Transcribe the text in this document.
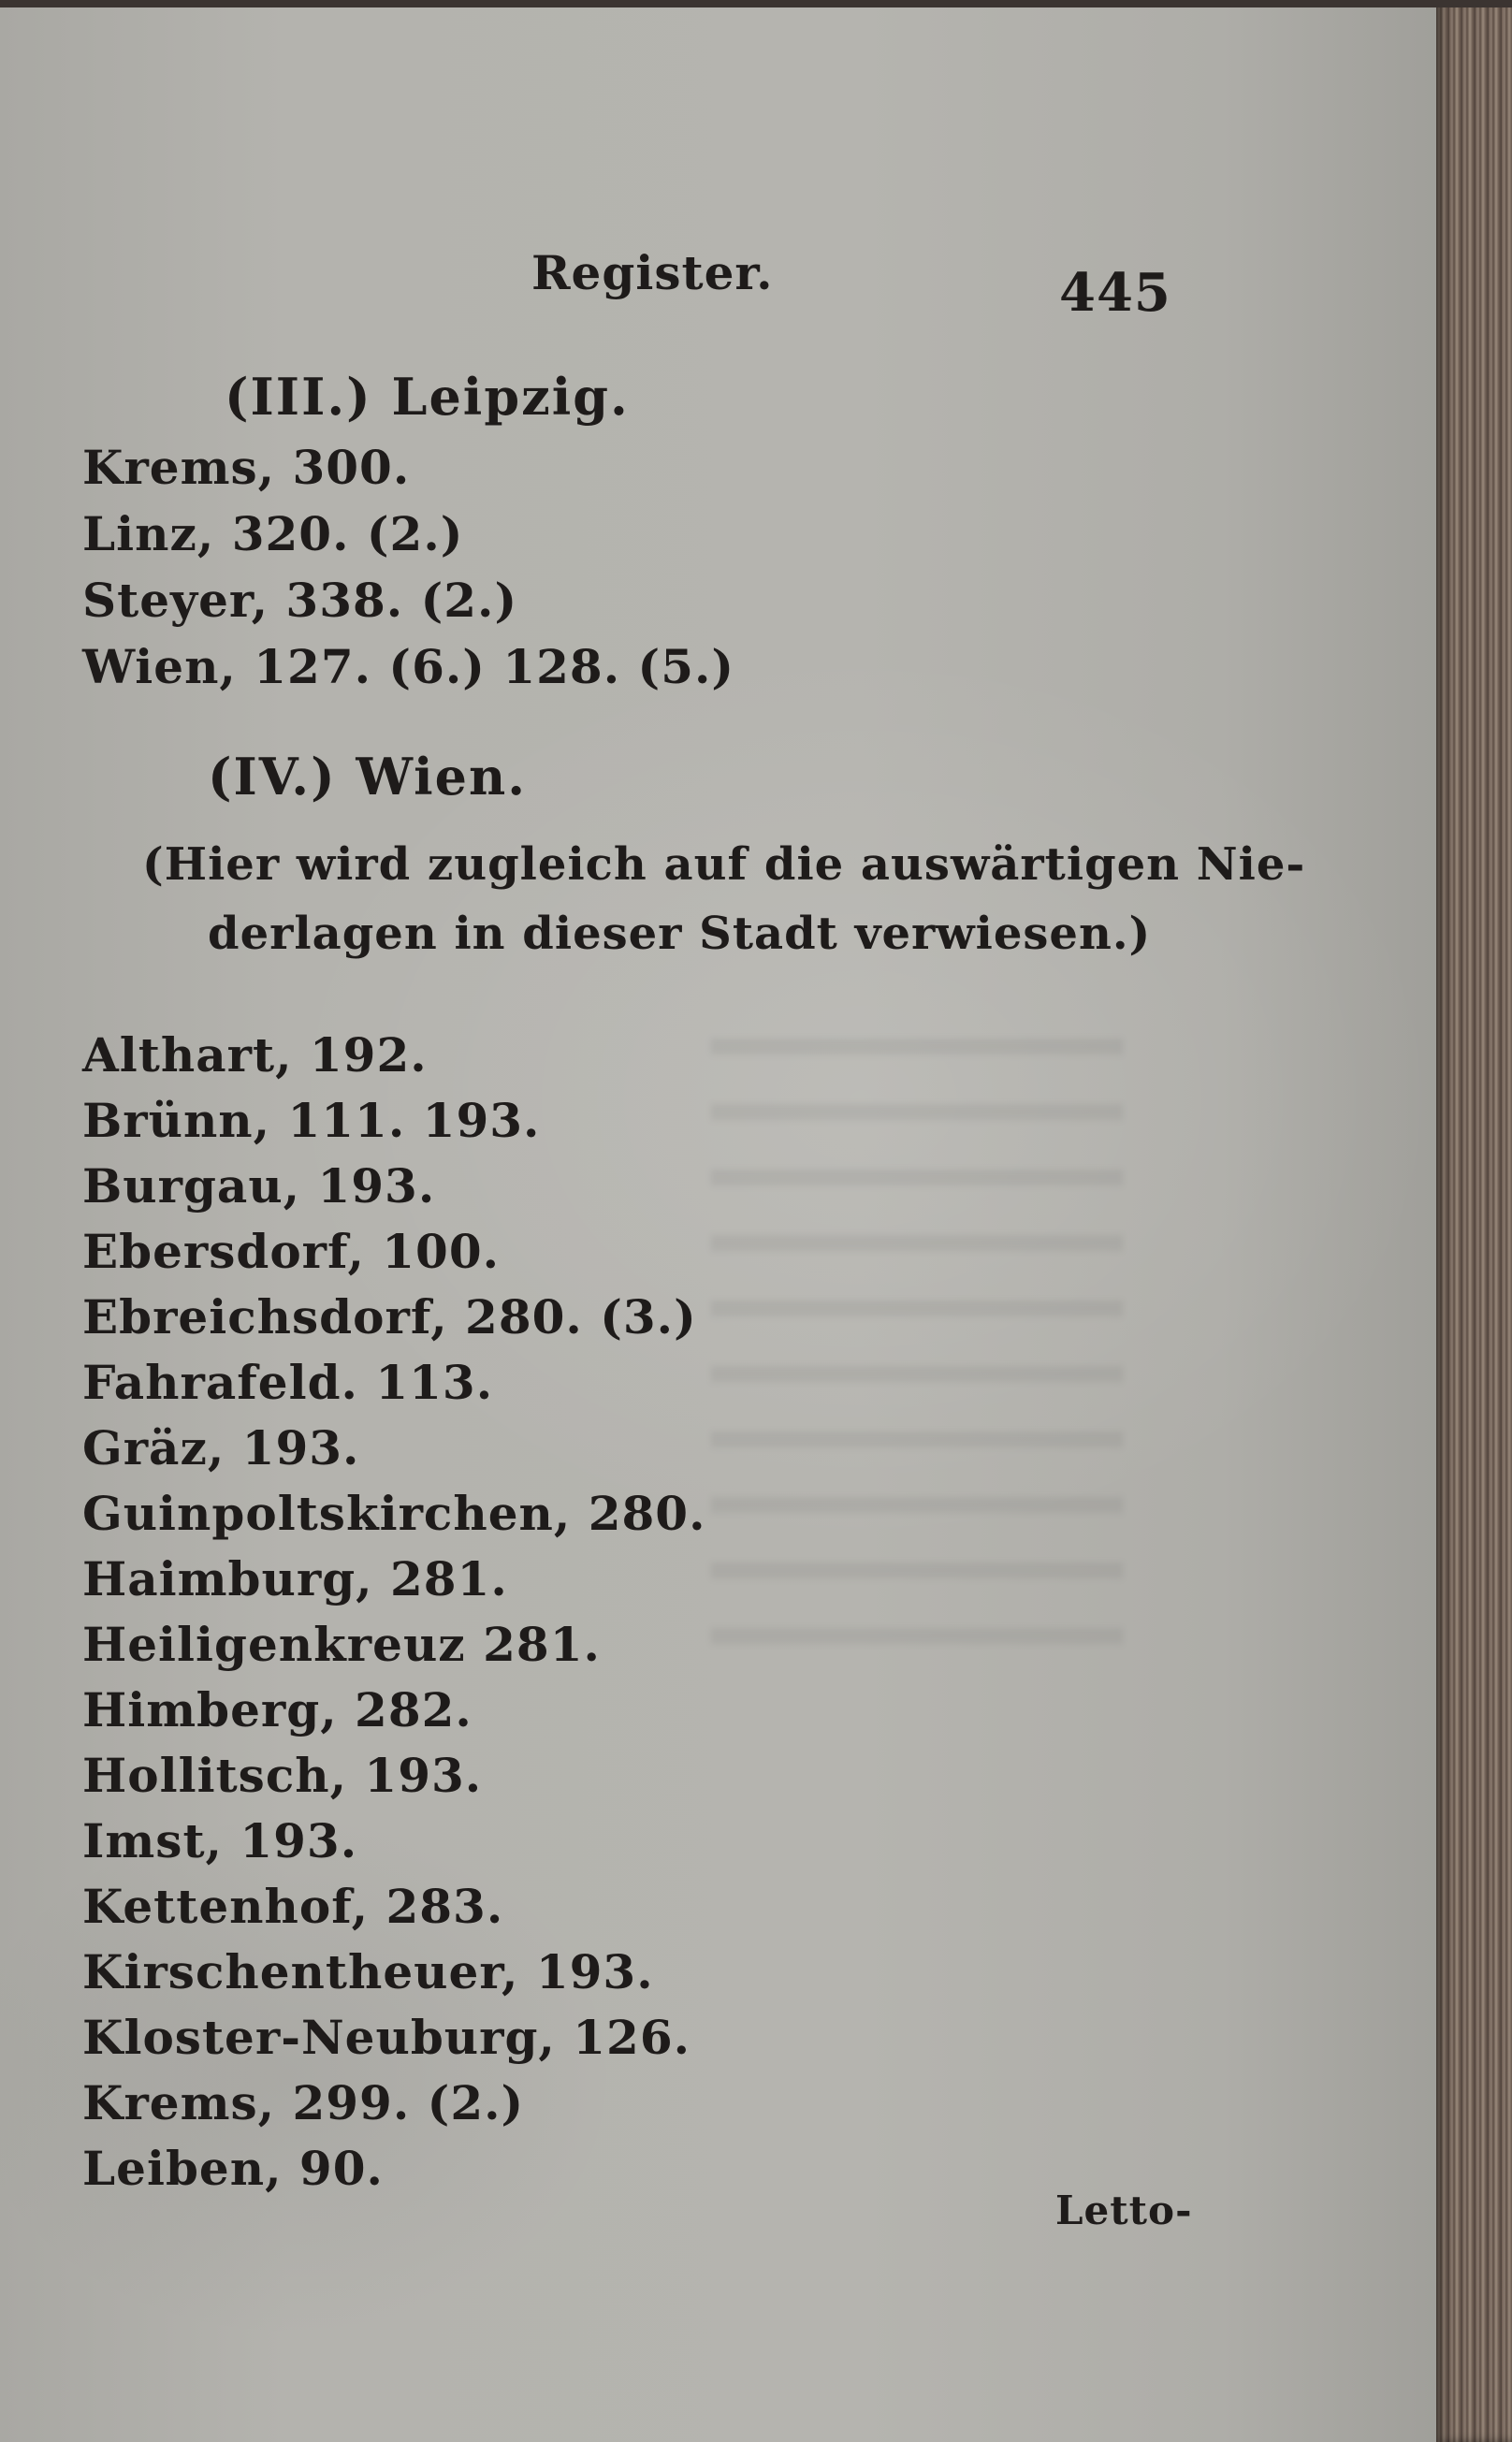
Register.	445
(III.) Leipzig.
Krems, 300.
Linz, 320. (2.)
Steyer, 338. (2.)
Wien, 127. (6.) 128. (5.)
(IV.) Wien.
(Hier wird zugleich auf die auswärtigen Nie-
derlagen in dieser Stadt verwiesen.)
Althart, 192.
Brünn, 111. 193.
Burgau, 193.
Ebersdorf, 100.
Ebreichsdorf, 280. (3.)
Fahrafeld. 113.
Gräz, 193.
Guinpoltskirchen, 280.
Haimburg, 281.
Heiligenkreuz 281.
Himberg, 282.
Hollitsch, 193.
Imst, 193.
Kettenhof, 283.
Kirschentheuer, 193.
Kloster-Neuburg, 126.
Krems, 299. (2.)
Leiben, 90.
Letto-
